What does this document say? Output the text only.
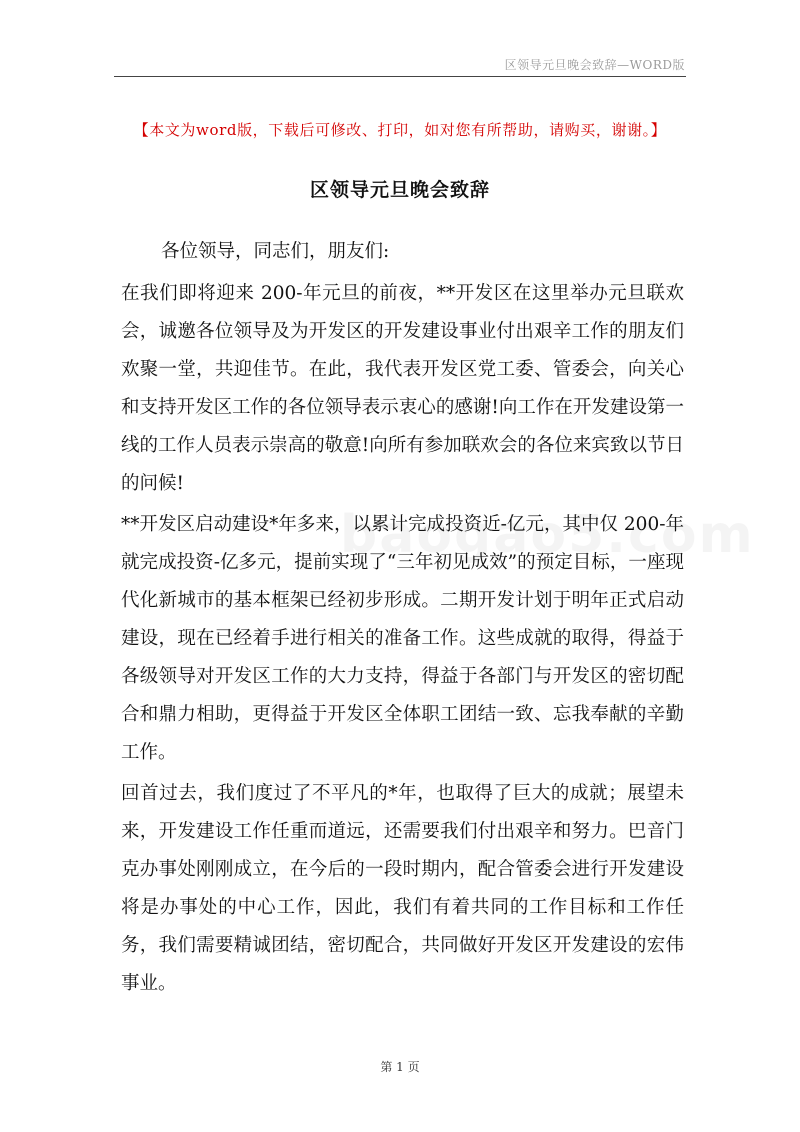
区领导元旦晚会致辞—WORD版
【本文为word版，下载后可修改、打印，如对您有所帮助，请购买，谢谢。】
区领导元旦晚会致辞

各位领导，同志们，朋友们:

在我们即将迎来 200-年元旦的前夜，**开发区在这里举办元旦联欢会，诚邀各位领导及为开发区的开发建设事业付出艰辛工作的朋友们欢聚一堂，共迎佳节。在此，我代表开发区党工委、管委会，向关心和支持开发区工作的各位领导表示衷心的感谢!向工作在开发建设第一线的工作人员表示崇高的敬意!向所有参加联欢会的各位来宾致以节日的问候!

**开发区启动建设*年多来，以累计完成投资近-亿元，其中仅 200-年就完成投资-亿多元，提前实现了“三年初见成效”的预定目标，一座现代化新城市的基本框架已经初步形成。二期开发计划于明年正式启动建设，现在已经着手进行相关的准备工作。这些成就的取得，得益于各级领导对开发区工作的大力支持，得益于各部门与开发区的密切配合和鼎力相助，更得益于开发区全体职工团结一致、忘我奉献的辛勤工作。

回首过去，我们度过了不平凡的*年，也取得了巨大的成就；展望未来，开发建设工作任重而道远，还需要我们付出艰辛和努力。巴音门克办事处刚刚成立，在今后的一段时期内，配合管委会进行开发建设将是办事处的中心工作，因此，我们有着共同的工作目标和工作任务，我们需要精诚团结，密切配合，共同做好开发区开发建设的宏伟事业。

第 1 页
